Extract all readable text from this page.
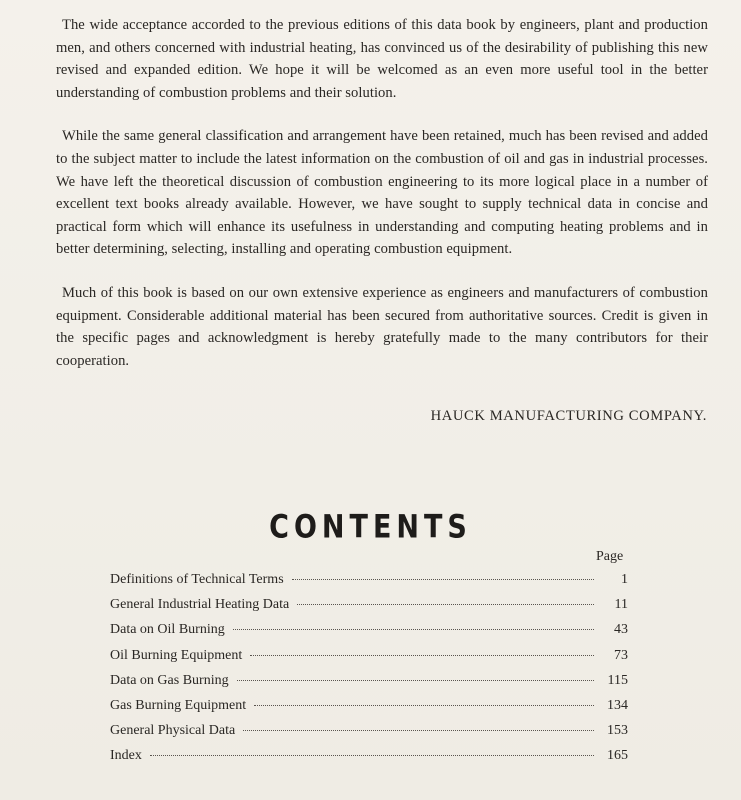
The wide acceptance accorded to the previous editions of this data book by engineers, plant and production men, and others concerned with industrial heating, has convinced us of the desirability of publishing this new revised and expanded edition. We hope it will be welcomed as an even more useful tool in the better understanding of combustion problems and their solution.

While the same general classification and arrangement have been retained, much has been revised and added to the subject matter to include the latest information on the combustion of oil and gas in industrial processes. We have left the theoretical discussion of combustion engineering to its more logical place in a number of excellent text books already available. However, we have sought to supply technical data in concise and practical form which will enhance its usefulness in understanding and computing heating problems and in better determining, selecting, installing and operating combustion equipment.

Much of this book is based on our own extensive experience as engineers and manufacturers of combustion equipment. Considerable additional material has been secured from authoritative sources. Credit is given in the specific pages and acknowledgment is hereby gratefully made to the many contributors for their cooperation.

HAUCK MANUFACTURING COMPANY.

CONTENTS

Page

Definitions of Technical Terms	1
General Industrial Heating Data	11
Data on Oil Burning	43
Oil Burning Equipment	73
Data on Gas Burning	115
Gas Burning Equipment	134
General Physical Data	153
Index	165
